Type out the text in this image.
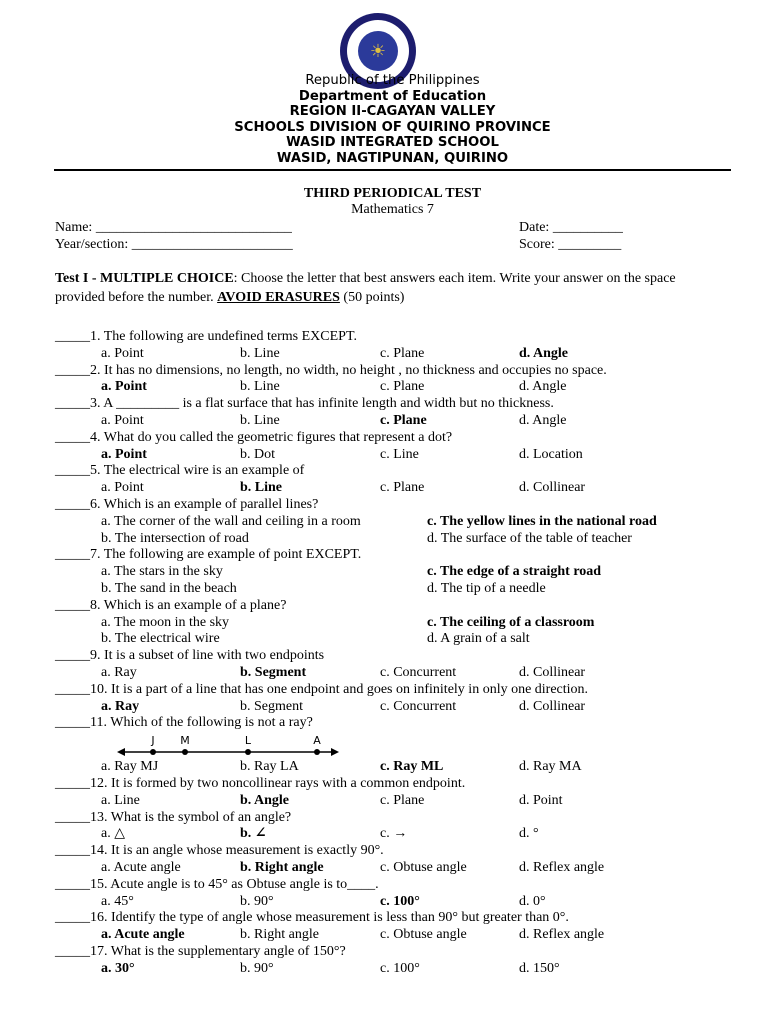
☀
Republic of the Philippines
Department of Education
REGION II-CAGAYAN VALLEY
SCHOOLS DIVISION OF QUIRINO PROVINCE
WASID INTEGRATED SCHOOL
WASID, NAGTIPUNAN, QUIRINO
THIRD PERIODICAL TEST
Mathematics 7
Name: ____________________________
Year/section: _______________________
Date: __________
Score: _________
Test I - MULTIPLE CHOICE: Choose the letter that best answers each item. Write your answer on the space provided before the number. AVOID ERASURES (50 points)
_____1. The following are undefined terms EXCEPT.
a. Point	b. Line	c. Plane	d. Angle
_____2. It has no dimensions, no length, no width, no height , no thickness and occupies no space.
a. Point	b. Line	c. Plane	d. Angle
_____3. A _________ is a flat surface that has infinite length and width but no thickness.
a. Point	b. Line	c. Plane	d. Angle
_____4. What do you called the geometric figures that represent a dot?
a. Point	b. Dot	c. Line	d. Location
_____5. The electrical wire is an example of
a. Point	b. Line	c. Plane	d. Collinear
_____6. Which is an example of parallel lines?
a. The corner of the wall and ceiling in a room	c. The yellow lines in the national road
b. The intersection of road	d. The surface of the table of teacher
_____7. The following are example of point EXCEPT.
a. The stars in the sky	c. The edge of a straight road
b. The sand in the beach	d. The tip of a needle
_____8. Which is an example of a plane?
a. The moon in the sky	c. The ceiling of a classroom
b. The electrical wire	d. A grain of a salt
_____9. It is a subset of line with two endpoints
a. Ray	b. Segment	c. Concurrent	d. Collinear
_____10. It is a part of a line that has one endpoint and goes on infinitely in only one direction.
a. Ray	b. Segment	c. Concurrent	d. Collinear
_____11. Which of the following is not a ray?
J M	L	A
a. Ray MJ	b. Ray LA	c. Ray ML	d. Ray MA
_____12. It is formed by two noncollinear rays with a common endpoint.
a. Line	b. Angle	c. Plane	d. Point
_____13. What is the symbol of an angle?
a. △	b. ∠	c. →	d. °
_____14. It is an angle whose measurement is exactly 90°.
a. Acute angle	b. Right angle	c. Obtuse angle	d. Reflex angle
_____15. Acute angle is to 45° as Obtuse angle is to____.
a. 45°	b. 90°	c. 100°	d. 0°
_____16. Identify the type of angle whose measurement is less than 90° but greater than 0°.
a. Acute angle	b. Right angle	c. Obtuse angle	d. Reflex angle
_____17. What is the supplementary angle of 150°?
a. 30°	b. 90°	c. 100°	d. 150°
